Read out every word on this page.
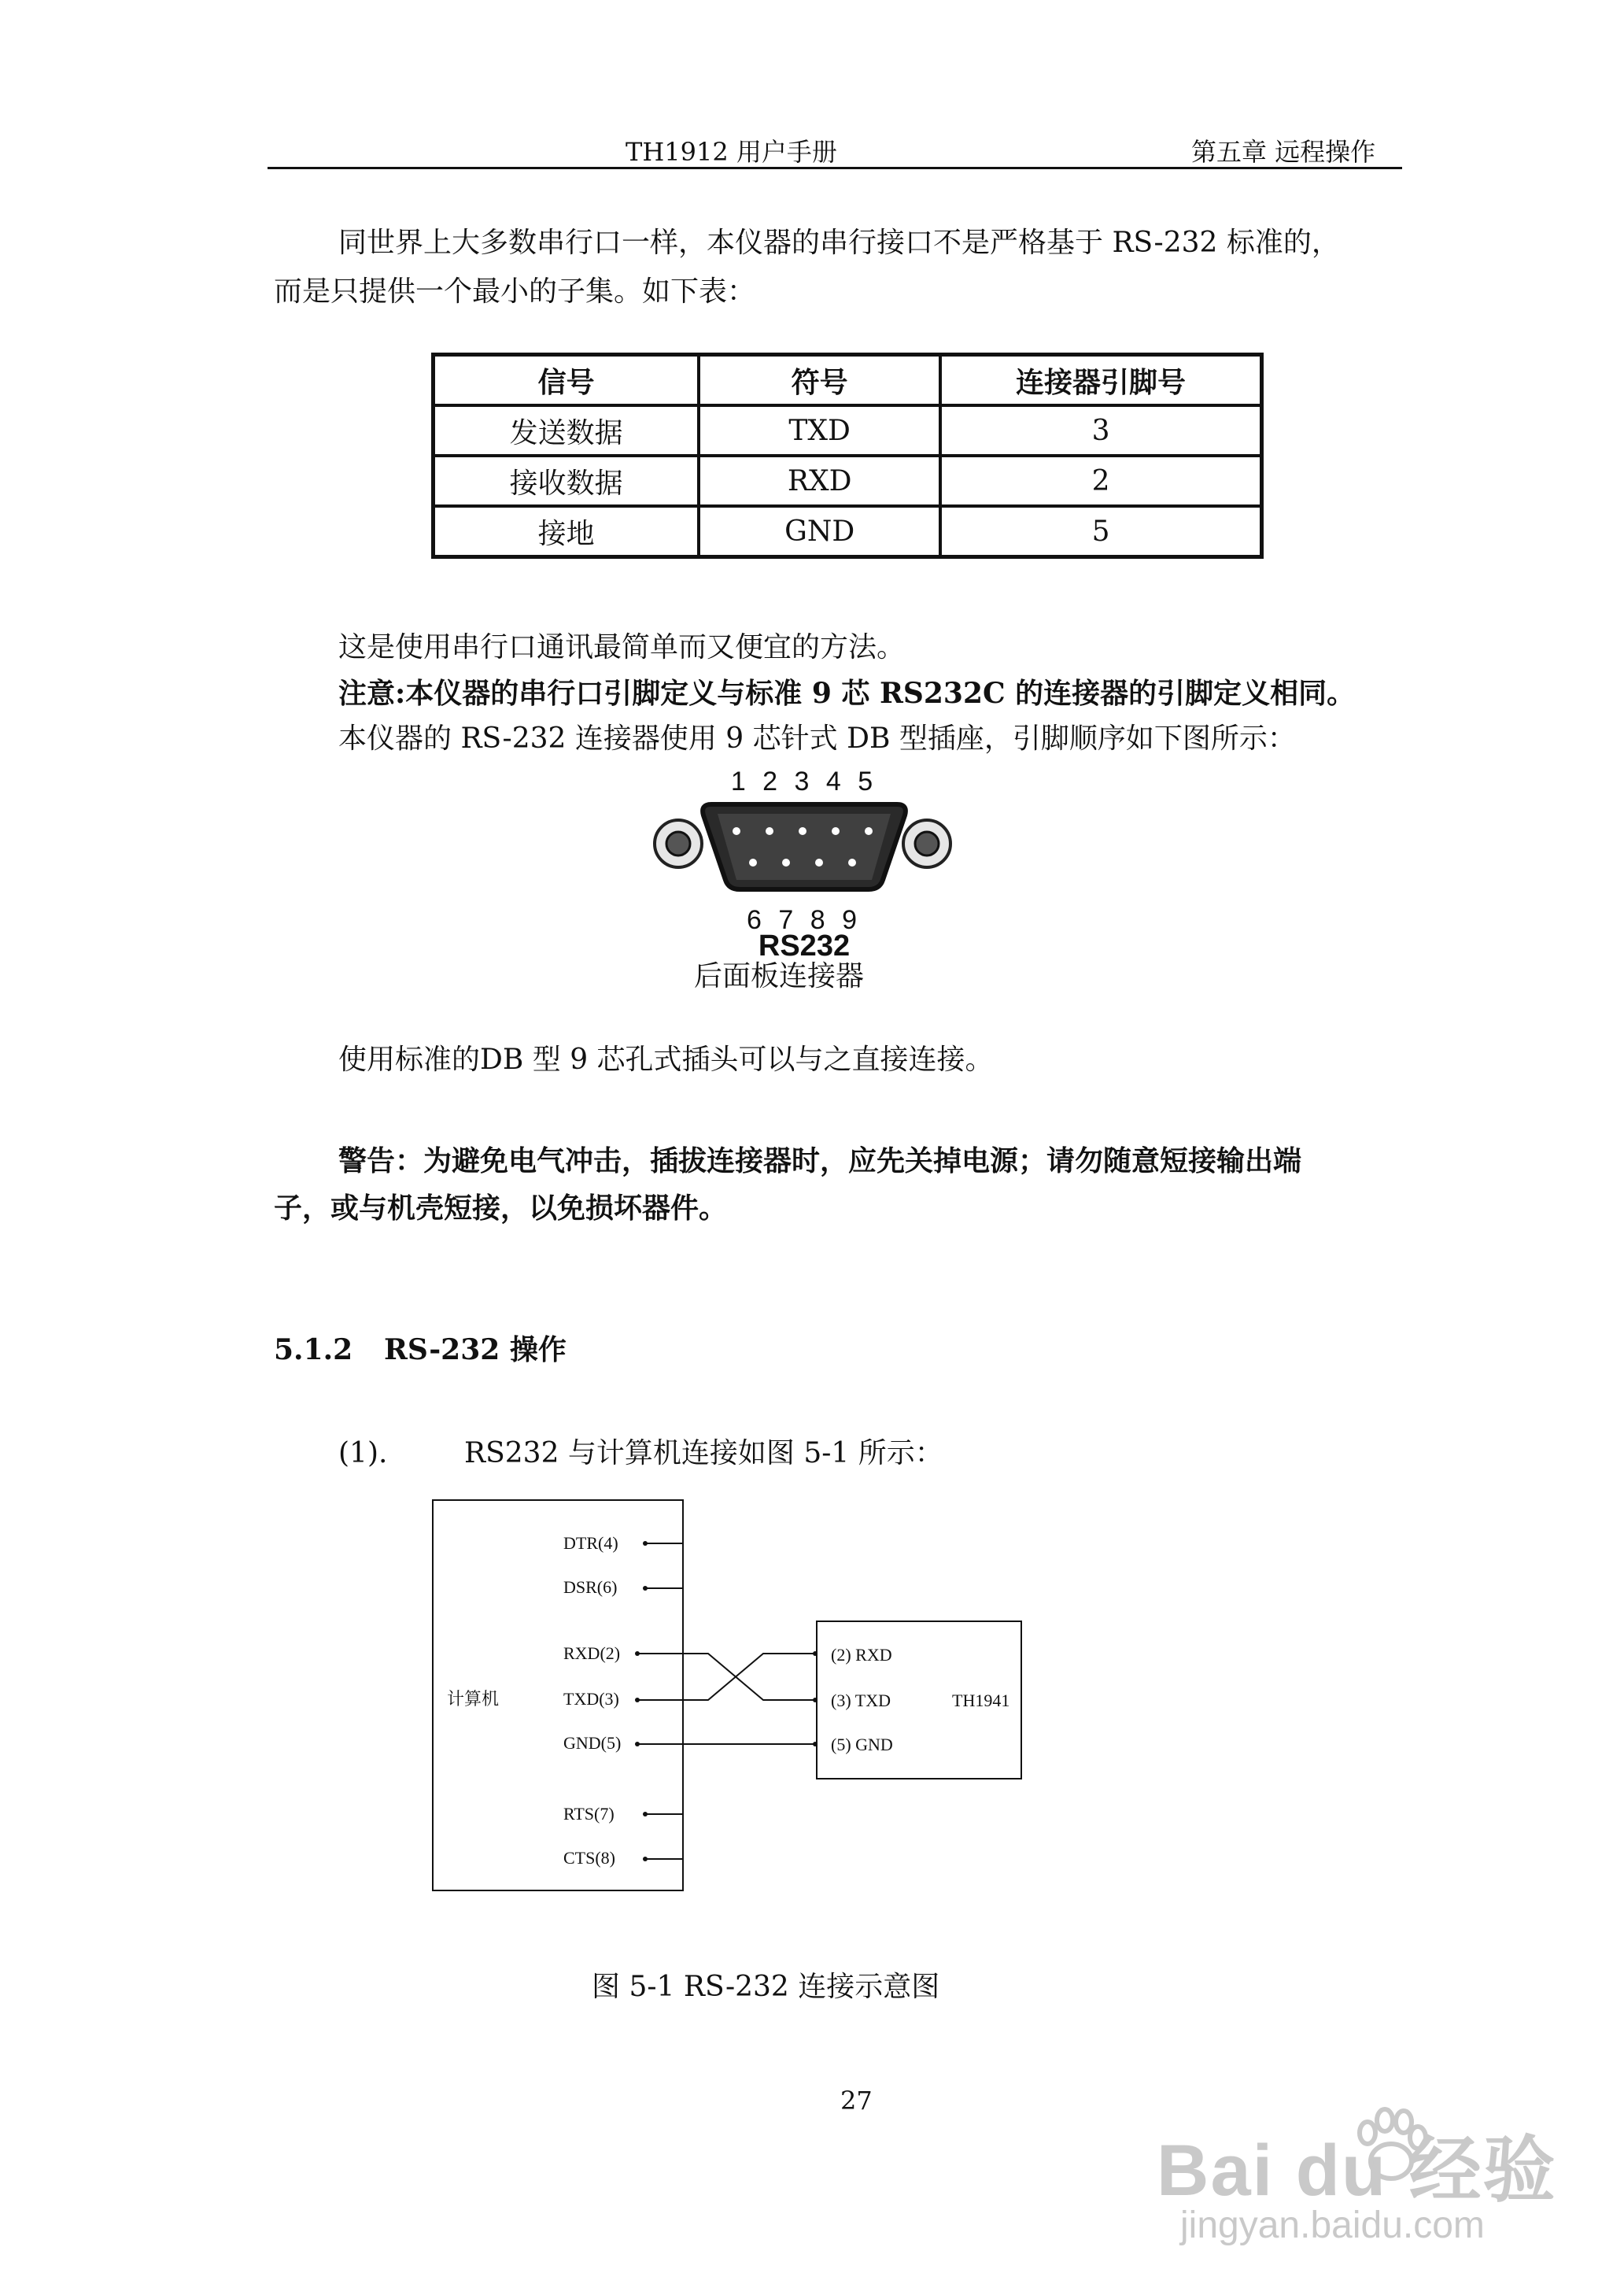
TH1912 用户手册	第五章 远程操作
同世界上大多数串行口一样，本仪器的串行接口不是严格基于 RS-232 标准的，
而是只提供一个最小的子集。如下表：
信号	符号	连接器引脚号
发送数据	TXD	3
接收数据	RXD	2
接地	GND	5
这是使用串行口通讯最简单而又便宜的方法。
注意:本仪器的串行口引脚定义与标准 9 芯 RS232C 的连接器的引脚定义相同。
本仪器的 RS-232 连接器使用 9 芯针式 DB 型插座，引脚顺序如下图所示：
1 2 3 4 5
6 7 8 9
RS232
后面板连接器
使用标准的DB 型 9 芯孔式插头可以与之直接连接。
警告：为避免电气冲击，插拔连接器时，应先关掉电源；请勿随意短接输出端
子，或与机壳短接，以免损坏器件。
5.1.2 RS-232 操作
(1).	RS232 与计算机连接如图 5-1 所示：
计算机
DTR(4)
DSR(6)
RXD(2)
TXD(3)
GND(5)
RTS(7)
CTS(8)
(2) RXD
(3) TXD
(5) GND
TH1941
图 5-1 RS-232 连接示意图
27
Bai du 经验
jingyan.baidu.com
